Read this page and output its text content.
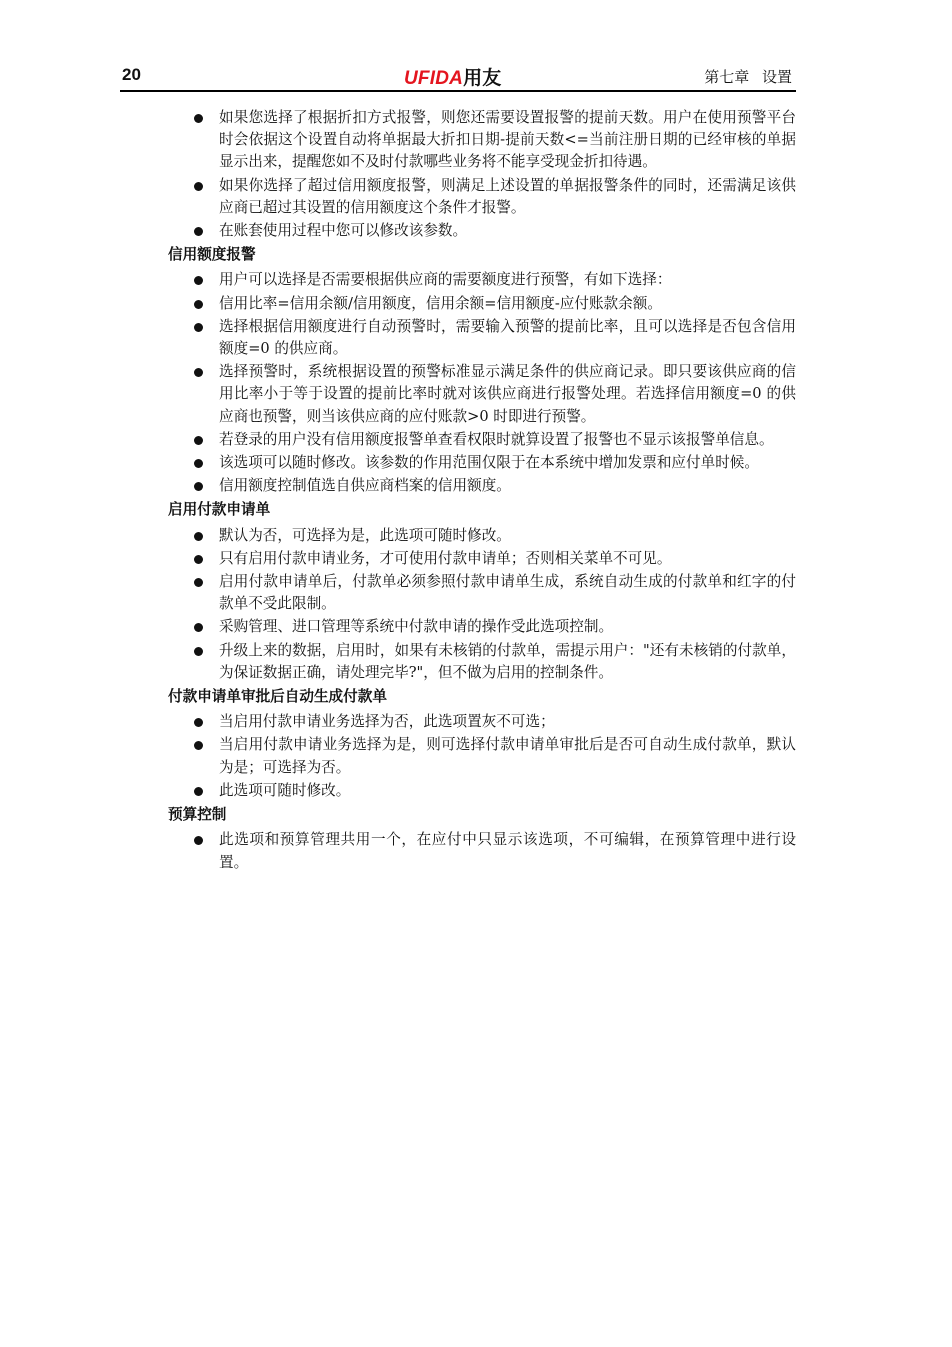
20	UFIDA用友	第七章 设置
如果您选择了根据折扣方式报警，则您还需要设置报警的提前天数。用户在使用预警平台时会依据这个设置自动将单据最大折扣日期-提前天数<=当前注册日期的已经审核的单据显示出来，提醒您如不及时付款哪些业务将不能享受现金折扣待遇。
如果你选择了超过信用额度报警，则满足上述设置的单据报警条件的同时，还需满足该供应商已超过其设置的信用额度这个条件才报警。
在账套使用过程中您可以修改该参数。
信用额度报警
用户可以选择是否需要根据供应商的需要额度进行预警，有如下选择：
信用比率=信用余额/信用额度，信用余额=信用额度-应付账款余额。
选择根据信用额度进行自动预警时，需要输入预警的提前比率，且可以选择是否包含信用额度=0 的供应商。
选择预警时，系统根据设置的预警标准显示满足条件的供应商记录。即只要该供应商的信用比率小于等于设置的提前比率时就对该供应商进行报警处理。若选择信用额度=0 的供应商也预警，则当该供应商的应付账款>0 时即进行预警。
若登录的用户没有信用额度报警单查看权限时就算设置了报警也不显示该报警单信息。
该选项可以随时修改。该参数的作用范围仅限于在本系统中增加发票和应付单时候。
信用额度控制值选自供应商档案的信用额度。
启用付款申请单
默认为否，可选择为是，此选项可随时修改。
只有启用付款申请业务，才可使用付款申请单；否则相关菜单不可见。
启用付款申请单后，付款单必须参照付款申请单生成，系统自动生成的付款单和红字的付款单不受此限制。
采购管理、进口管理等系统中付款申请的操作受此选项控制。
升级上来的数据，启用时，如果有未核销的付款单，需提示用户："还有未核销的付款单，为保证数据正确，请处理完毕?"，但不做为启用的控制条件。
付款申请单审批后自动生成付款单
当启用付款申请业务选择为否，此选项置灰不可选；
当启用付款申请业务选择为是，则可选择付款申请单审批后是否可自动生成付款单，默认为是；可选择为否。
此选项可随时修改。
预算控制
此选项和预算管理共用一个，在应付中只显示该选项，不可编辑，在预算管理中进行设置。
